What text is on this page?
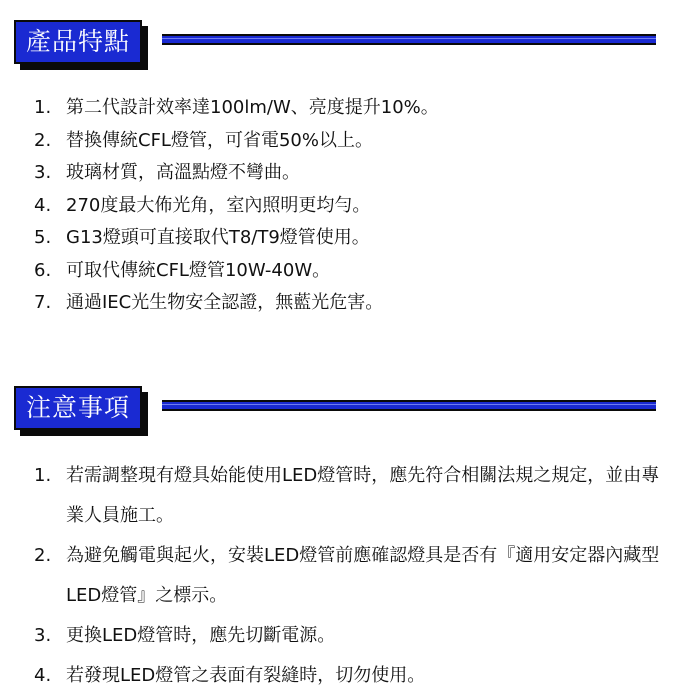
產品特點
1. 第二代設計效率達100lm/W、亮度提升10%。
2. 替換傳統CFL燈管，可省電50%以上。
3. 玻璃材質，高溫點燈不彎曲。
4. 270度最大佈光角，室內照明更均勻。
5. G13燈頭可直接取代T8/T9燈管使用。
6. 可取代傳統CFL燈管10W-40W。
7. 通過IEC光生物安全認證，無藍光危害。
注意事項
1. 若需調整現有燈具始能使用LED燈管時，應先符合相關法規之規定，並由專業人員施工。
2. 為避免觸電與起火，安裝LED燈管前應確認燈具是否有『適用安定器內藏型LED燈管』之標示。
3. 更換LED燈管時，應先切斷電源。
4. 若發現LED燈管之表面有裂縫時，切勿使用。
